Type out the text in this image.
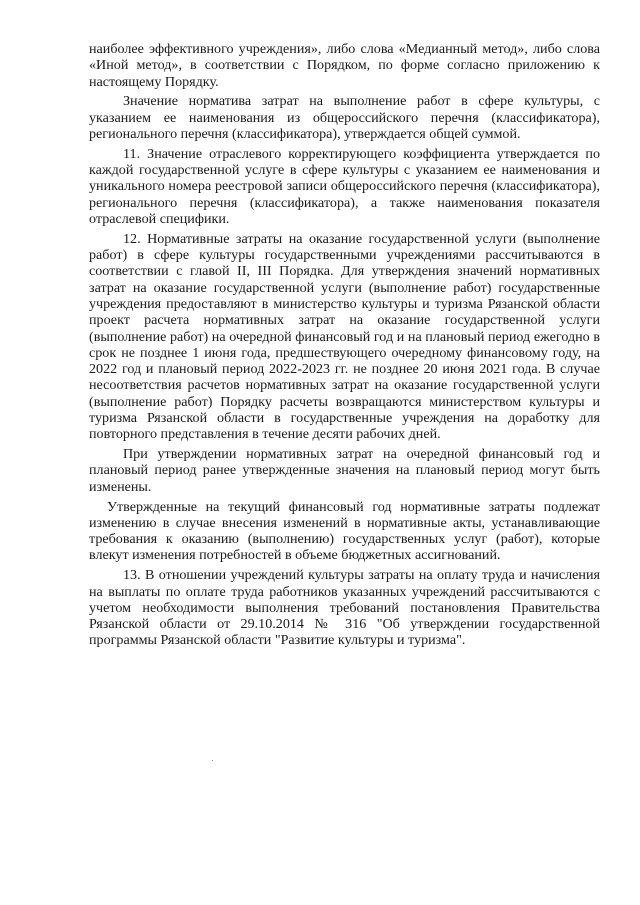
наиболее эффективного учреждения», либо слова «Медианный метод», либо слова «Иной метод», в соответствии с Порядком, по форме согласно приложению к настоящему Порядку.

Значение норматива затрат на выполнение работ в сфере культуры, с указанием ее наименования из общероссийского перечня (классификатора), регионального перечня (классификатора), утверждается общей суммой.

11. Значение отраслевого корректирующего коэффициента утверждается по каждой государственной услуге в сфере культуры с указанием ее наименования и уникального номера реестровой записи общероссийского перечня (классификатора), регионального перечня (классификатора), а также наименования показателя отраслевой специфики.

12. Нормативные затраты на оказание государственной услуги (выполнение работ) в сфере культуры государственными учреждениями рассчитываются в соответствии с главой II, III Порядка. Для утверждения значений нормативных затрат на оказание государственной услуги (выполнение работ) государственные учреждения предоставляют в министерство культуры и туризма Рязанской области проект расчета нормативных затрат на оказание государственной услуги (выполнение работ) на очередной финансовый год и на плановый период ежегодно в срок не позднее 1 июня года, предшествующего очередному финансовому году, на 2022 год и плановый период 2022-2023 гг. не позднее 20 июня 2021 года. В случае несоответствия расчетов нормативных затрат на оказание государственной услуги (выполнение работ) Порядку расчеты возвращаются министерством культуры и туризма Рязанской области в государственные учреждения на доработку для повторного представления в течение десяти рабочих дней.

При утверждении нормативных затрат на очередной финансовый год и плановый период ранее утвержденные значения на плановый период могут быть изменены.

Утвержденные на текущий финансовый год нормативные затраты подлежат изменению в случае внесения изменений в нормативные акты, устанавливающие требования к оказанию (выполнению) государственных услуг (работ), которые влекут изменения потребностей в объеме бюджетных ассигнований.

13. В отношении учреждений культуры затраты на оплату труда и начисления на выплаты по оплате труда работников указанных учреждений рассчитываются с учетом необходимости выполнения требований постановления Правительства Рязанской области от 29.10.2014 № 316 "Об утверждении государственной программы Рязанской области "Развитие культуры и туризма".
